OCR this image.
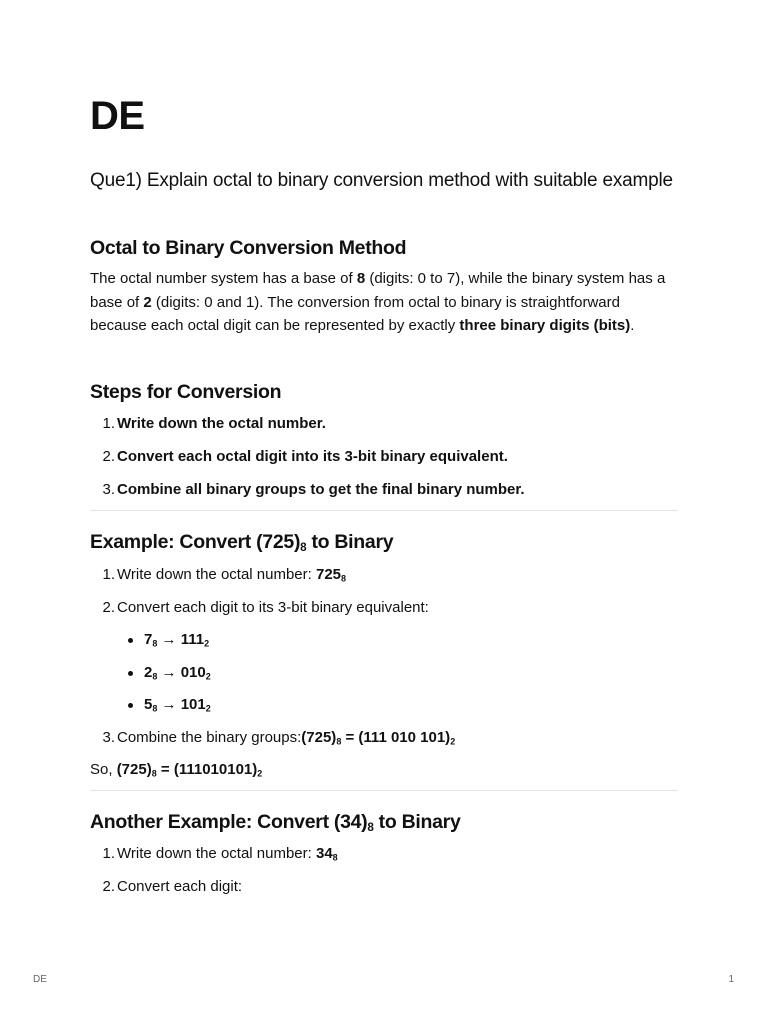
DE
Que1) Explain octal to binary conversion method with suitable example
Octal to Binary Conversion Method

The octal number system has a base of 8 (digits: 0 to 7), while the binary system has a base of 2 (digits: 0 and 1). The conversion from octal to binary is straightforward because each octal digit can be represented by exactly three binary digits (bits).

Steps for Conversion
1. Write down the octal number.
2. Convert each octal digit into its 3-bit binary equivalent.
3. Combine all binary groups to get the final binary number.
Example: Convert $(725)_8$ to Binary
1. Write down the octal number: $725_8$
2. Convert each digit to its 3-bit binary equivalent:
$7_8 \to 111_2$
$2_8 \to 010_2$
$5_8 \to 101_2$
3. Combine the binary $groups:(725)_8 = (111$ 010 $101)_2$
So, $(725)_8 = (111010101)_2$
Another Example: Convert $(34)_8$ to Binary
1. Write down the octal number: $34_8$
2. Convert each digit:
DE	1
